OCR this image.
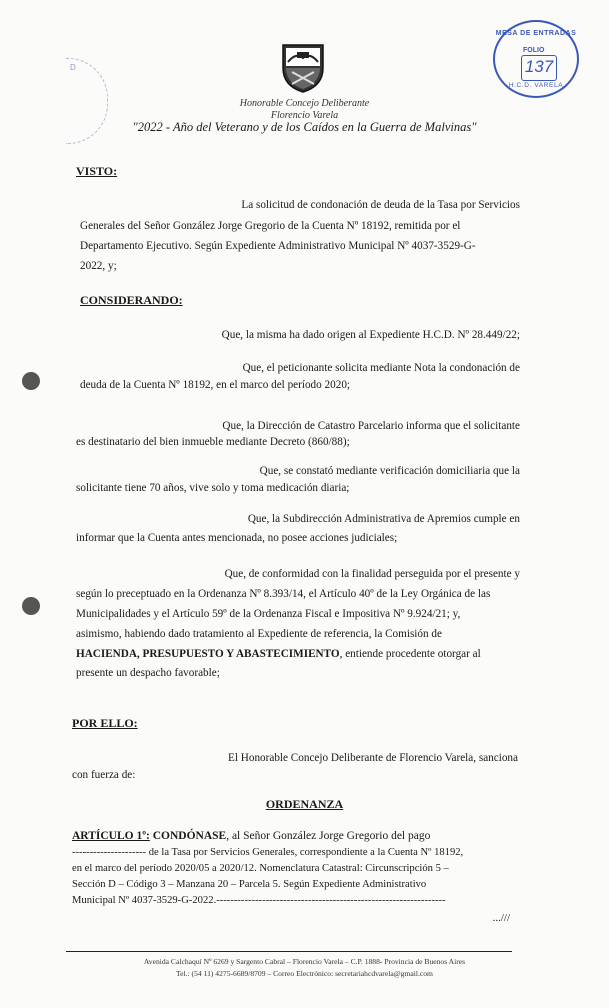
D
Honorable Concejo Deliberante
Florencio Varela
"2022 - Año del Veterano y de los Caídos en la Guerra de Malvinas"
MESA DE ENTRADAS
FOLIO
137
H.C.D. VARELA
VISTO:
La solicitud de condonación de deuda de la Tasa por Servicios
Generales del Señor González Jorge Gregorio de la Cuenta Nº 18192, remitida por el
Departamento Ejecutivo. Según Expediente Administrativo Municipal Nº 4037-3529-G-
2022, y;
CONSIDERANDO:
Que, la misma ha dado origen al Expediente H.C.D. Nº 28.449/22;
Que, el peticionante solicita mediante Nota la condonación de
deuda de la Cuenta Nº 18192, en el marco del período 2020;
Que, la Dirección de Catastro Parcelario informa que el solicitante
es destinatario del bien inmueble mediante Decreto (860/88);
Que, se constató mediante verificación domiciliaria que la
solicitante tiene 70 años, vive solo y toma medicación diaria;
Que, la Subdirección Administrativa de Apremios cumple en
informar que la Cuenta antes mencionada, no posee acciones judiciales;
Que, de conformidad con la finalidad perseguida por el presente y
según lo preceptuado en la Ordenanza Nº 8.393/14, el Artículo 40º de la Ley Orgánica de las
Municipalidades y el Artículo 59º de la Ordenanza Fiscal e Impositiva Nº 9.924/21; y,
asimismo, habiendo dado tratamiento al Expediente de referencia, la Comisión de
HACIENDA, PRESUPUESTO Y ABASTECIMIENTO, entiende procedente otorgar al
presente un despacho favorable;
POR ELLO:
El Honorable Concejo Deliberante de Florencio Varela, sanciona
con fuerza de:
ORDENANZA
ARTÍCULO 1º: CONDÓNASE, al Señor González Jorge Gregorio del pago
--------------------- de la Tasa por Servicios Generales, correspondiente a la Cuenta Nº 18192,
en el marco del período 2020/05 a 2020/12. Nomenclatura Catastral: Circunscripción 5 –
Sección D – Código 3 – Manzana 20 – Parcela 5. Según Expediente Administrativo
Municipal Nº 4037-3529-G-2022.-----------------------------------------------------------------
...///
Avenida Calchaquí Nº 6269 y Sargento Cabral – Florencio Varela – C.P. 1888- Provincia de Buenos Aires
Tel.: (54 11) 4275-6689/8709 – Correo Electrónico: secretariahcdvarela@gmail.com
